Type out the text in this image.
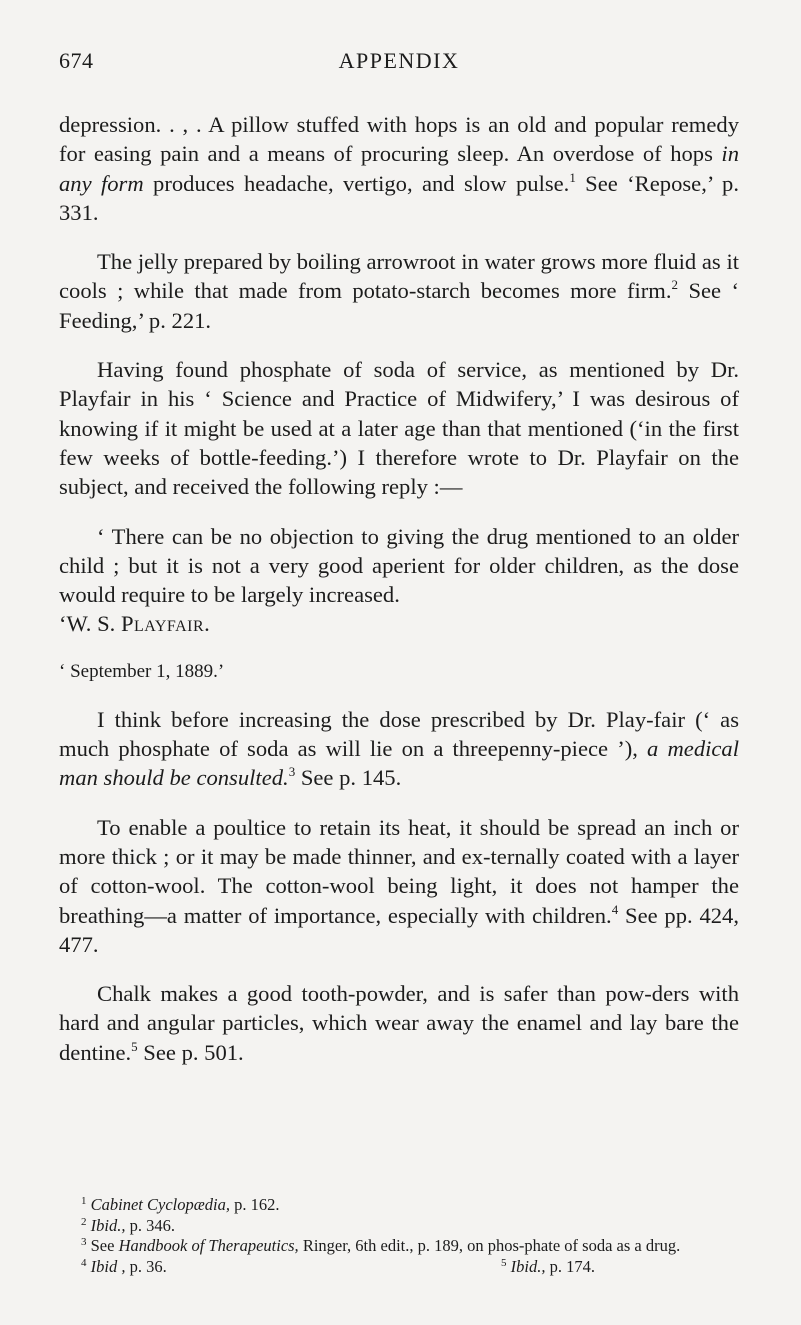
674	APPENDIX

depression. . , . A pillow stuffed with hops is an old and popular remedy for easing pain and a means of procuring sleep. An overdose of hops in any form produces headache, vertigo, and slow pulse.$^1$ See ‘Repose,’ p. 331.

The jelly prepared by boiling arrowroot in water grows more fluid as it cools ; while that made from potato-starch becomes more firm.$^2$ See ‘ Feeding,’ p. 221.

Having found phosphate of soda of service, as mentioned by Dr. Playfair in his ‘ Science and Practice of Midwifery,’ I was desirous of knowing if it might be used at a later age than that mentioned (‘in the first few weeks of bottle-feeding.’) I therefore wrote to Dr. Playfair on the subject, and received the following reply :—

‘ There can be no objection to giving the drug mentioned to an older child ; but it is not a very good aperient for older children, as the dose would require to be largely increased.

‘W. S. Playfair.

‘ September 1, 1889.’

I think before increasing the dose prescribed by Dr. Play-fair (‘ as much phosphate of soda as will lie on a threepenny-piece ’), a medical man should be consulted.$^3$ See p. 145.

To enable a poultice to retain its heat, it should be spread an inch or more thick ; or it may be made thinner, and ex-ternally coated with a layer of cotton-wool. The cotton-wool being light, it does not hamper the breathing—a matter of importance, especially with children.$^4$ See pp. 424, 477.

Chalk makes a good tooth-powder, and is safer than pow-ders with hard and angular particles, which wear away the enamel and lay bare the dentine.$^5$ See p. 501.

$^1$ Cabinet Cyclopædia, p. 162.

$^2$ Ibid., p. 346.

$^3$ See Handbook of Therapeutics, Ringer, 6th edit., p. 189, on phos-phate of soda as a drug.

$^4$ Ibid , p. 36.	$^5$ Ibid., p. 174.
